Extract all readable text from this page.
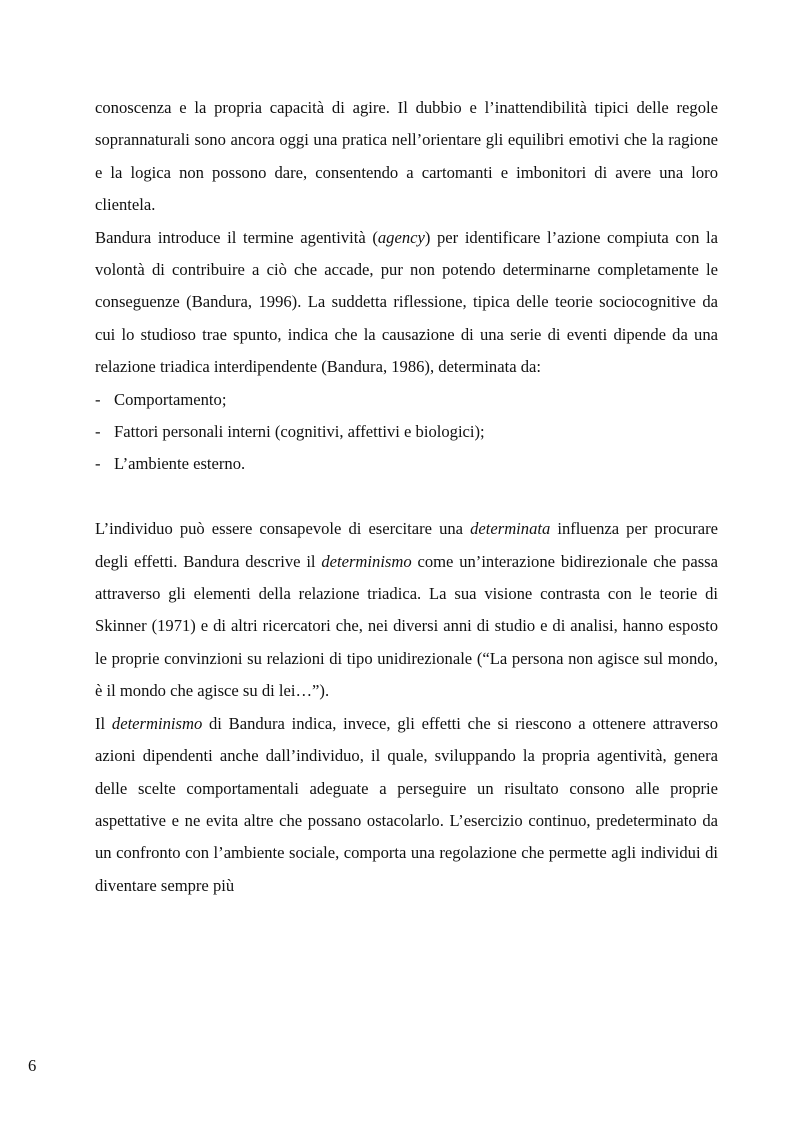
conoscenza e la propria capacità di agire. Il dubbio e l’inattendibilità tipici delle regole soprannaturali sono ancora oggi una pratica nell’orientare gli equilibri emotivi che la ragione e la logica non possono dare, consentendo a cartomanti e imbonitori di avere una loro clientela.

Bandura introduce il termine agentività (agency) per identificare l’azione compiuta con la volontà di contribuire a ciò che accade, pur non potendo determinarne completamente le conseguenze (Bandura, 1996). La suddetta riflessione, tipica delle teorie sociocognitive da cui lo studioso trae spunto, indica che la causazione di una serie di eventi dipende da una relazione triadica interdipendente (Bandura, 1986), determinata da:

- Comportamento;
- Fattori personali interni (cognitivi, affettivi e biologici);
- L’ambiente esterno.

L’individuo può essere consapevole di esercitare una determinata influenza per procurare degli effetti. Bandura descrive il determinismo come un’interazione bidirezionale che passa attraverso gli elementi della relazione triadica. La sua visione contrasta con le teorie di Skinner (1971) e di altri ricercatori che, nei diversi anni di studio e di analisi, hanno esposto le proprie convinzioni su relazioni di tipo unidirezionale (“La persona non agisce sul mondo, è il mondo che agisce su di lei…”).

Il determinismo di Bandura indica, invece, gli effetti che si riescono a ottenere attraverso azioni dipendenti anche dall’individuo, il quale, sviluppando la propria agentività, genera delle scelte comportamentali adeguate a perseguire un risultato consono alle proprie aspettative e ne evita altre che possano ostacolarlo. L’esercizio continuo, predeterminato da un confronto con l’ambiente sociale, comporta una regolazione che permette agli individui di diventare sempre più

6
